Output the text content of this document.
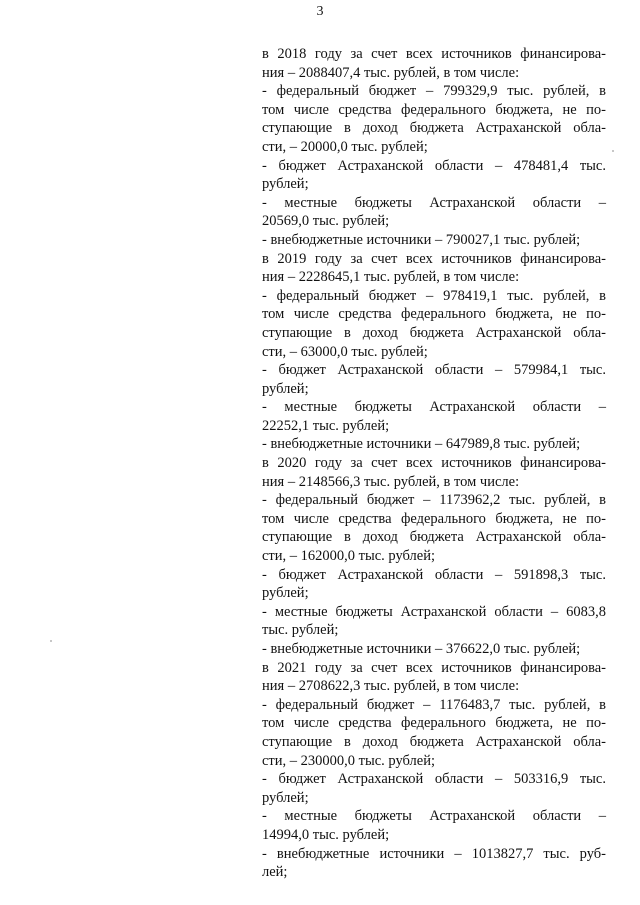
3

в 2018 году за счет всех источников финансирова-
ния – 2088407,4 тыс. рублей, в том числе:

- федеральный бюджет – 799329,9 тыс. рублей, в
том числе средства федерального бюджета, не по-
ступающие в доход бюджета Астраханской обла-
сти, – 20000,0 тыс. рублей;

- бюджет Астраханской области – 478481,4 тыс.
рублей;

- местные бюджеты Астраханской области –
20569,0 тыс. рублей;

- внебюджетные источники – 790027,1 тыс. рублей;

в 2019 году за счет всех источников финансирова-
ния – 2228645,1 тыс. рублей, в том числе:

- федеральный бюджет – 978419,1 тыс. рублей, в
том числе средства федерального бюджета, не по-
ступающие в доход бюджета Астраханской обла-
сти, – 63000,0 тыс. рублей;

- бюджет Астраханской области – 579984,1 тыс.
рублей;

- местные бюджеты Астраханской области –
22252,1 тыс. рублей;

- внебюджетные источники – 647989,8 тыс. рублей;

в 2020 году за счет всех источников финансирова-
ния – 2148566,3 тыс. рублей, в том числе:

- федеральный бюджет – 1173962,2 тыс. рублей, в
том числе средства федерального бюджета, не по-
ступающие в доход бюджета Астраханской обла-
сти, – 162000,0 тыс. рублей;

- бюджет Астраханской области – 591898,3 тыс.
рублей;

- местные бюджеты Астраханской области – 6083,8
тыс. рублей;

- внебюджетные источники – 376622,0 тыс. рублей;

в 2021 году за счет всех источников финансирова-
ния – 2708622,3 тыс. рублей, в том числе:

- федеральный бюджет – 1176483,7 тыс. рублей, в
том числе средства федерального бюджета, не по-
ступающие в доход бюджета Астраханской обла-
сти, – 230000,0 тыс. рублей;

- бюджет Астраханской области – 503316,9 тыс.
рублей;

- местные бюджеты Астраханской области –
14994,0 тыс. рублей;

- внебюджетные источники – 1013827,7 тыс. руб-
лей;
